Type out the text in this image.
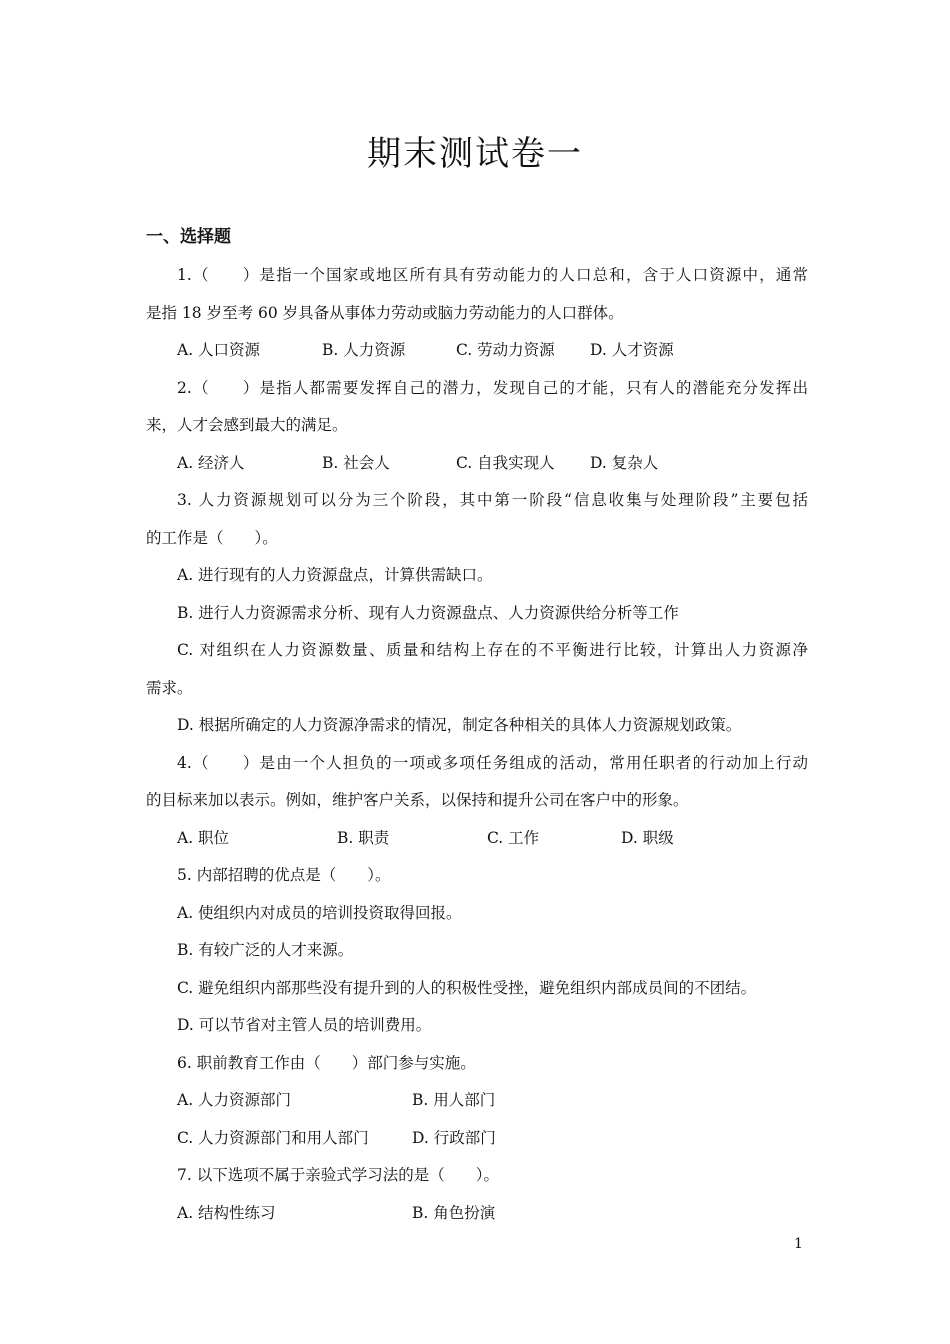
期末测试卷一
一、选择题
1.（　　）是指一个国家或地区所有具有劳动能力的人口总和，含于人口资源中，通常
是指 18 岁至考 60 岁具备从事体力劳动或脑力劳动能力的人口群体。
A. 人口资源	B. 人力资源	C. 劳动力资源 D. 人才资源
2.（　　）是指人都需要发挥自己的潜力，发现自己的才能，只有人的潜能充分发挥出
来，人才会感到最大的满足。
A. 经济人	B. 社会人	C. 自我实现人 D. 复杂人
3. 人力资源规划可以分为三个阶段，其中第一阶段“信息收集与处理阶段”主要包括
的工作是（　　）。
A. 进行现有的人力资源盘点，计算供需缺口。
B. 进行人力资源需求分析、现有人力资源盘点、人力资源供给分析等工作
C. 对组织在人力资源数量、质量和结构上存在的不平衡进行比较，计算出人力资源净
需求。
D. 根据所确定的人力资源净需求的情况，制定各种相关的具体人力资源规划政策。
4.（　　）是由一个人担负的一项或多项任务组成的活动，常用任职者的行动加上行动
的目标来加以表示。例如，维护客户关系，以保持和提升公司在客户中的形象。
A. 职位	B. 职责	C. 工作	D. 职级
5. 内部招聘的优点是（　　）。
A. 使组织内对成员的培训投资取得回报。
B. 有较广泛的人才来源。
C. 避免组织内部那些没有提升到的人的积极性受挫，避免组织内部成员间的不团结。
D. 可以节省对主管人员的培训费用。
6. 职前教育工作由（　　）部门参与实施。
A. 人力资源部门	B. 用人部门
C. 人力资源部门和用人部门	D. 行政部门
7. 以下选项不属于亲验式学习法的是（　　）。
A. 结构性练习	B. 角色扮演
1
